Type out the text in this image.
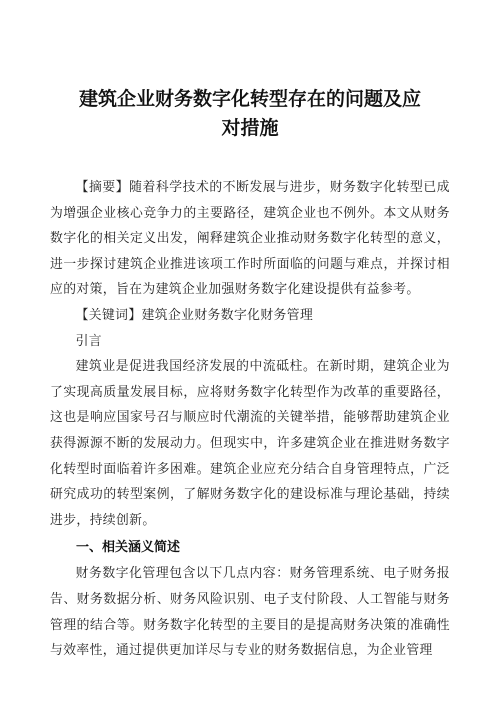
建筑企业财务数字化转型存在的问题及应对措施

【摘要】随着科学技术的不断发展与进步，财务数字化转型已成为增强企业核心竞争力的主要路径，建筑企业也不例外。本文从财务数字化的相关定义出发，阐释建筑企业推动财务数字化转型的意义，进一步探讨建筑企业推进该项工作时所面临的问题与难点，并探讨相应的对策，旨在为建筑企业加强财务数字化建设提供有益参考。

【关键词】建筑企业财务数字化财务管理

引言

建筑业是促进我国经济发展的中流砥柱。在新时期，建筑企业为了实现高质量发展目标，应将财务数字化转型作为改革的重要路径，这也是响应国家号召与顺应时代潮流的关键举措，能够帮助建筑企业获得源源不断的发展动力。但现实中，许多建筑企业在推进财务数字化转型时面临着许多困难。建筑企业应充分结合自身管理特点，广泛研究成功的转型案例，了解财务数字化的建设标准与理论基础，持续进步，持续创新。

一、相关涵义简述

财务数字化管理包含以下几点内容：财务管理系统、电子财务报告、财务数据分析、财务风险识别、电子支付阶段、人工智能与财务管理的结合等。财务数字化转型的主要目的是提高财务决策的准确性与效率性，通过提供更加详尽与专业的财务数据信息，为企业管理
